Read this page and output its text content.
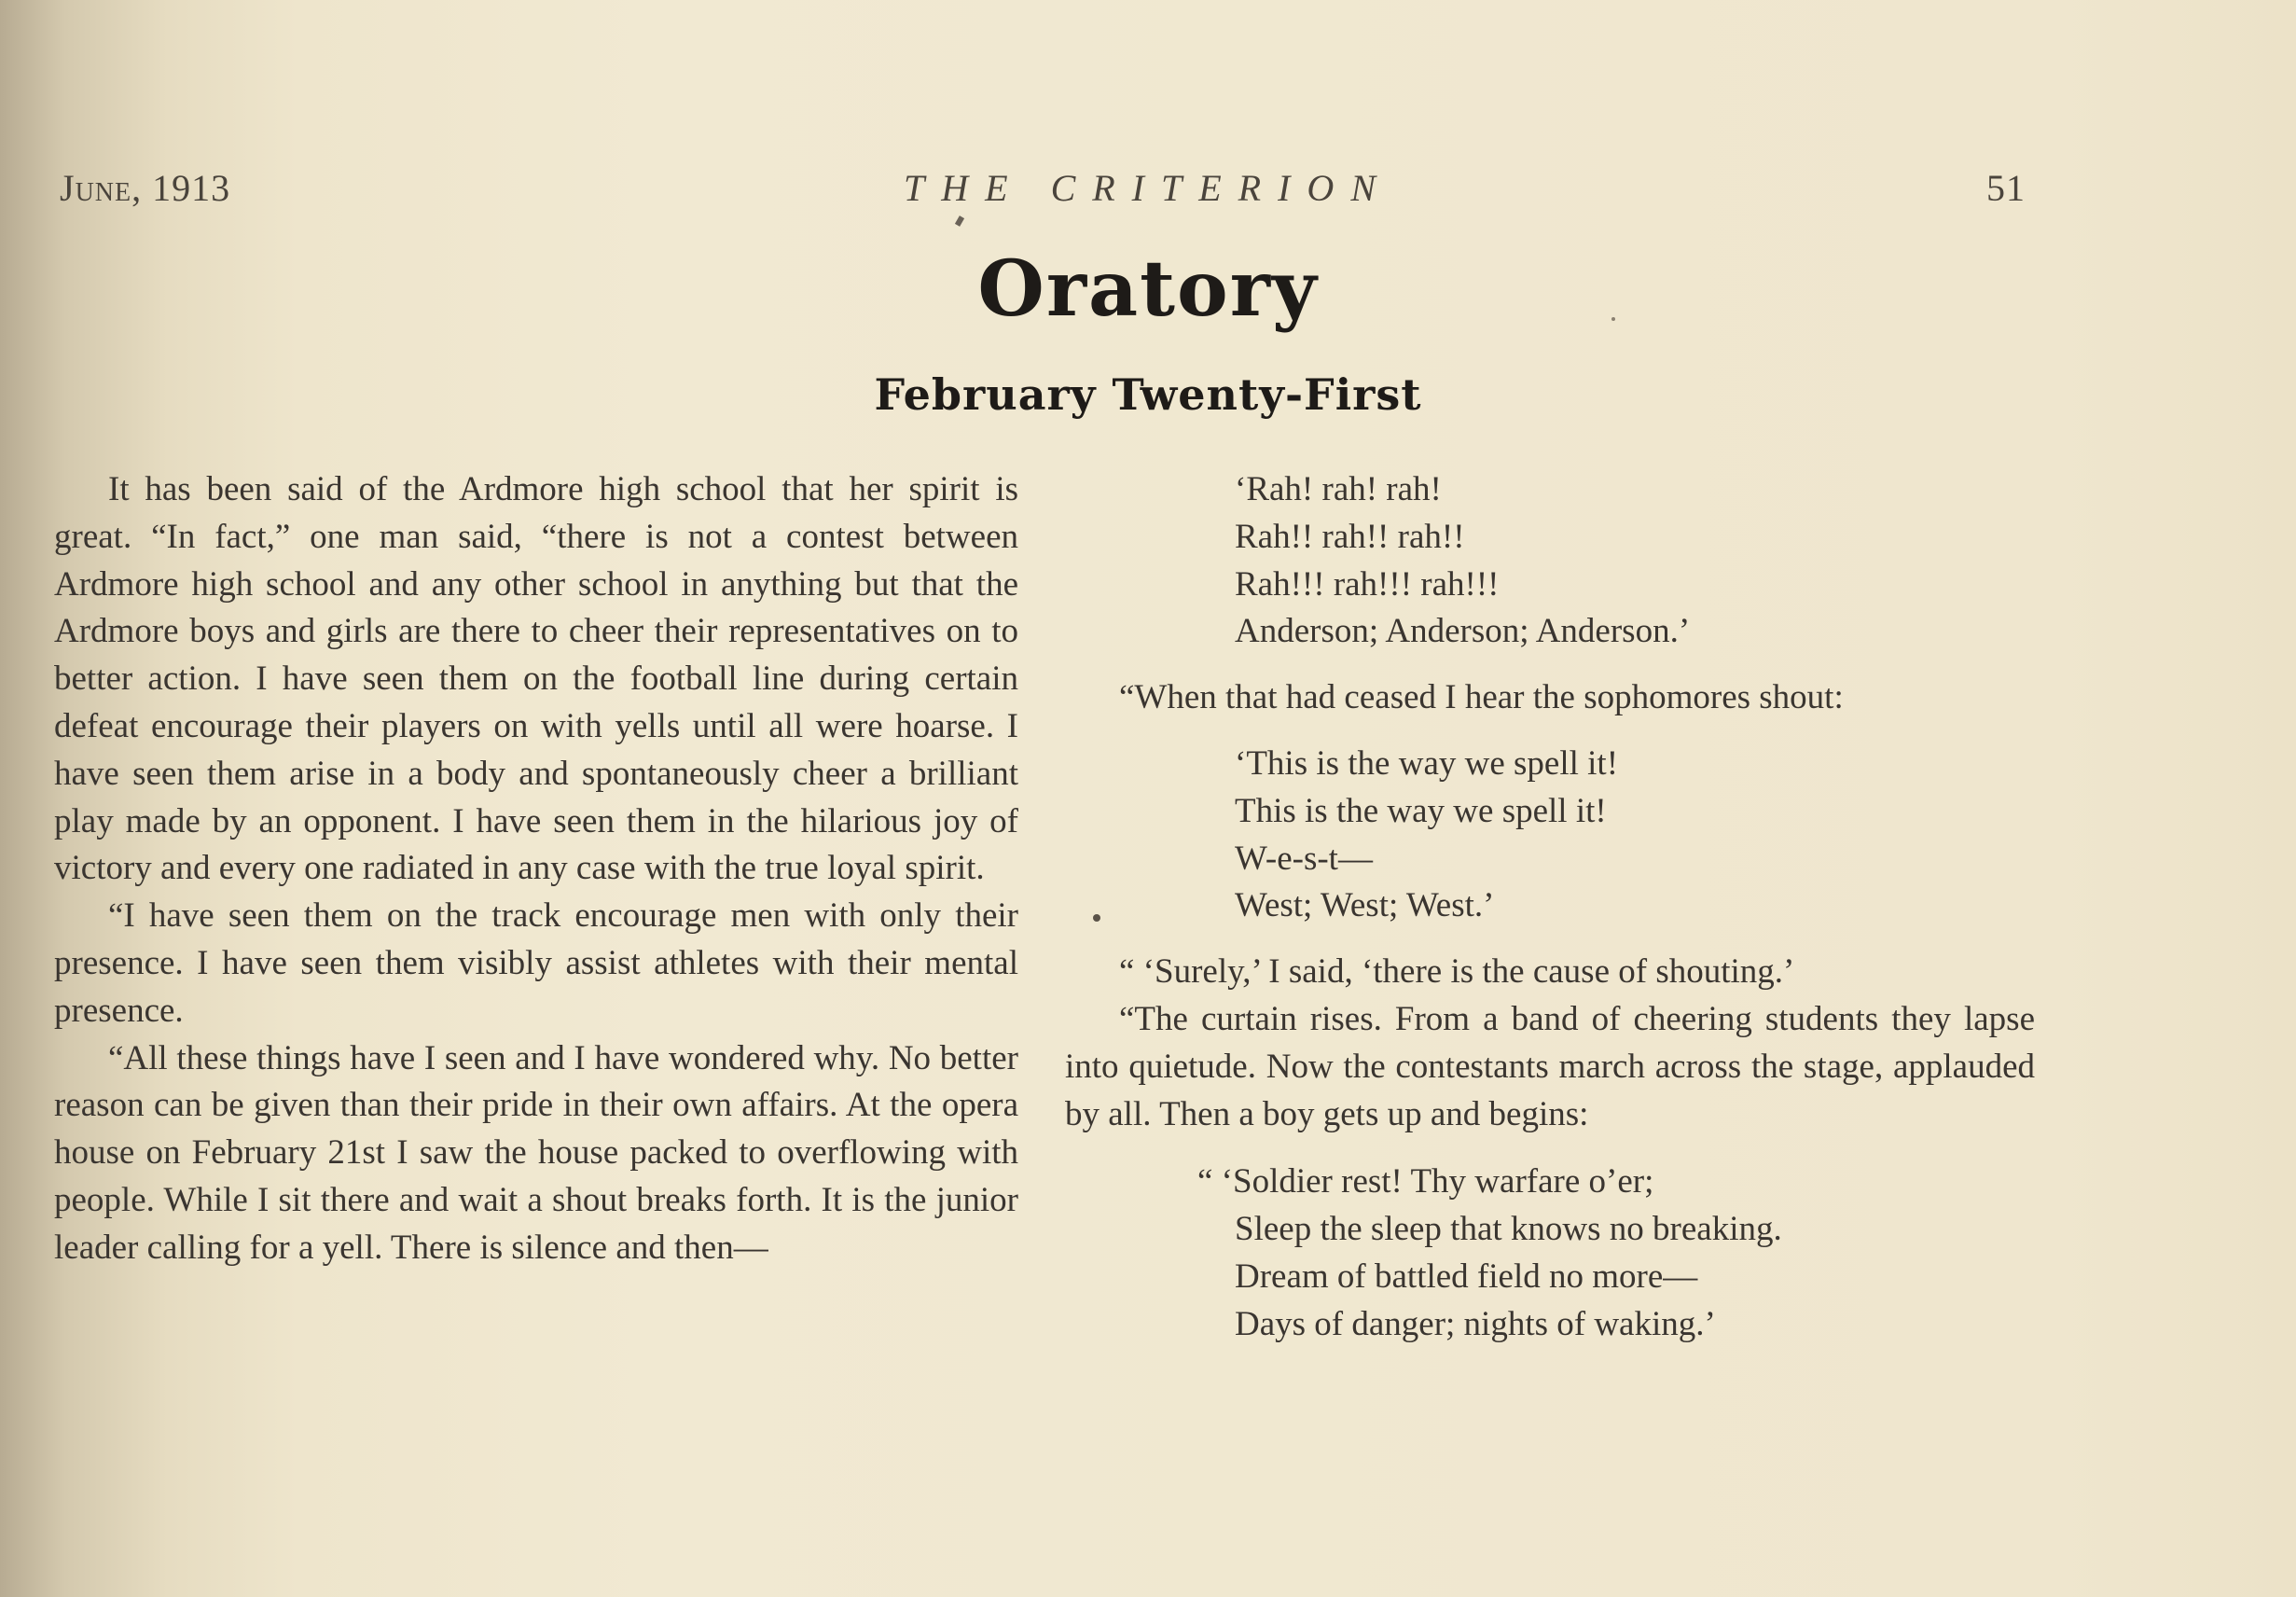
June, 1913	THE CRITERION	51
Oratory
February Twenty-First

It has been said of the Ardmore high school that her spirit is great. “In fact,” one man said, “there is not a contest between Ardmore high school and any other school in anything but that the Ardmore boys and girls are there to cheer their representatives on to better action. I have seen them on the football line during certain defeat encourage their players on with yells until all were hoarse. I have seen them arise in a body and spontaneously cheer a brilliant play made by an opponent. I have seen them in the hilarious joy of victory and every one radiated in any case with the true loyal spirit.

“I have seen them on the track encourage men with only their presence. I have seen them visibly assist athletes with their mental presence.

“All these things have I seen and I have wondered why. No better reason can be given than their pride in their own affairs. At the opera house on February 21st I saw the house packed to overflowing with people. While I sit there and wait a shout breaks forth. It is the junior leader calling for a yell. There is silence and then—

‘Rah! rah! rah!
Rah!! rah!! rah!!
Rah!!! rah!!! rah!!!
Anderson; Anderson; Anderson.’

“When that had ceased I hear the sophomores shout:

‘This is the way we spell it!
This is the way we spell it!
W-e-s-t—
West; West; West.’

“ ‘Surely,’ I said, ‘there is the cause of shouting.’

“The curtain rises. From a band of cheering students they lapse into quietude. Now the contestants march across the stage, applauded by all. Then a boy gets up and begins:

“ ‘Soldier rest! Thy warfare o’er;
Sleep the sleep that knows no breaking.
Dream of battled field no more—
Days of danger; nights of waking.’
